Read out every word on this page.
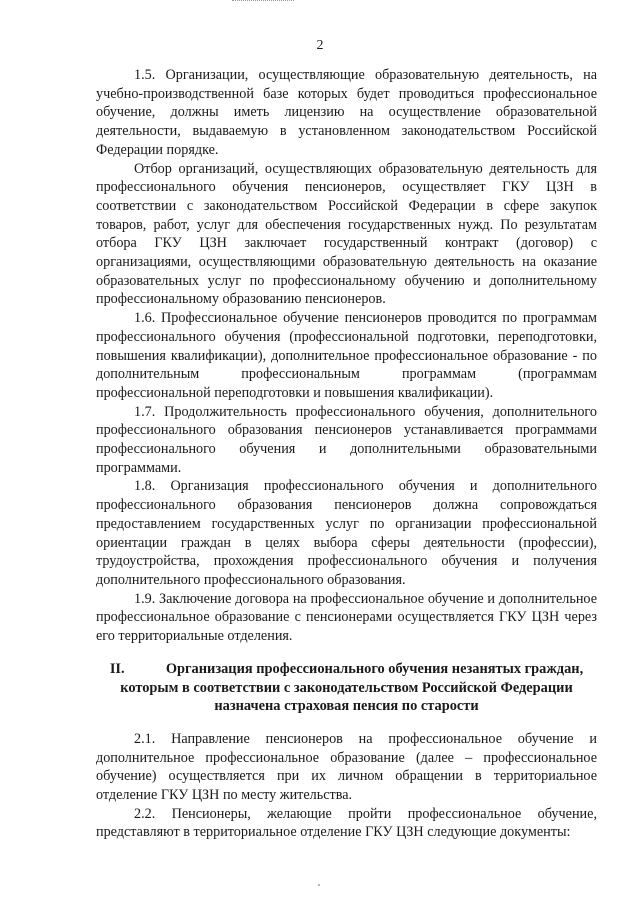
2

1.5. Организации, осуществляющие образовательную деятельность, на учебно-производственной базе которых будет проводиться профессиональное обучение, должны иметь лицензию на осуществление образовательной деятельности, выдаваемую в установленном законодательством Российской Федерации порядке.

Отбор организаций, осуществляющих образовательную деятельность для профессионального обучения пенсионеров, осуществляет ГКУ ЦЗН в соответствии с законодательством Российской Федерации в сфере закупок товаров, работ, услуг для обеспечения государственных нужд. По результатам отбора ГКУ ЦЗН заключает государственный контракт (договор) с организациями, осуществляющими образовательную деятельность на оказание образовательных услуг по профессиональному обучению и дополнительному профессиональному образованию пенсионеров.

1.6. Профессиональное обучение пенсионеров проводится по программам профессионального обучения (профессиональной подготовки, переподготовки, повышения квалификации), дополнительное профессиональное образование - по дополнительным профессиональным программам (программам профессиональной переподготовки и повышения квалификации).

1.7. Продолжительность профессионального обучения, дополнительного профессионального образования пенсионеров устанавливается программами профессионального обучения и дополнительными образовательными программами.

1.8. Организация профессионального обучения и дополнительного профессионального образования пенсионеров должна сопровождаться предоставлением государственных услуг по организации профессиональной ориентации граждан в целях выбора сферы деятельности (профессии), трудоустройства, прохождения профессионального обучения и получения дополнительного профессионального образования.

1.9. Заключение договора на профессиональное обучение и дополнительное профессиональное образование с пенсионерами осуществляется ГКУ ЦЗН через его территориальные отделения.

II.	Организация профессионального обучения незанятых граждан, которым в соответствии с законодательством Российской Федерации назначена страховая пенсия по старости

2.1. Направление пенсионеров на профессиональное обучение и дополнительное профессиональное образование (далее – профессиональное обучение) осуществляется при их личном обращении в территориальное отделение ГКУ ЦЗН по месту жительства.

2.2. Пенсионеры, желающие пройти профессиональное обучение, представляют в территориальное отделение ГКУ ЦЗН следующие документы:
